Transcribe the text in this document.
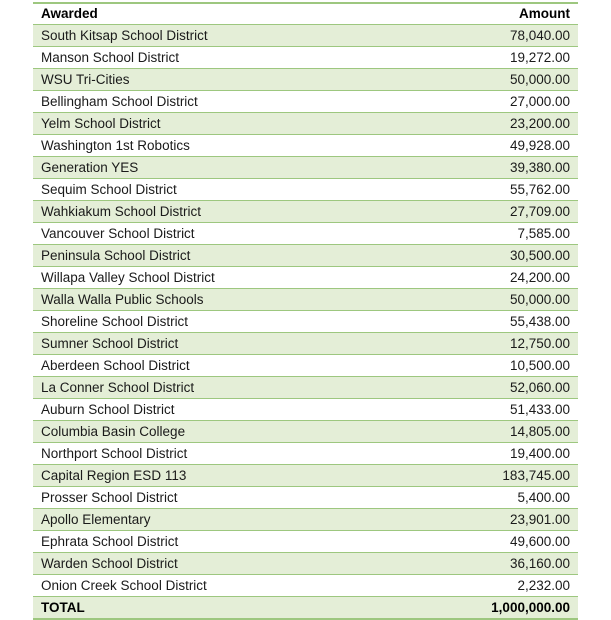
Awarded	Amount
South Kitsap School District	78,040.00
Manson School District	19,272.00
WSU Tri-Cities	50,000.00
Bellingham School District	27,000.00
Yelm School District	23,200.00
Washington 1st Robotics	49,928.00
Generation YES	39,380.00
Sequim School District	55,762.00
Wahkiakum School District	27,709.00
Vancouver School District	7,585.00
Peninsula School District	30,500.00
Willapa Valley School District	24,200.00
Walla Walla Public Schools	50,000.00
Shoreline School District	55,438.00
Sumner School District	12,750.00
Aberdeen School District	10,500.00
La Conner School District	52,060.00
Auburn School District	51,433.00
Columbia Basin College	14,805.00
Northport School District	19,400.00
Capital Region ESD 113	183,745.00
Prosser School District	5,400.00
Apollo Elementary	23,901.00
Ephrata School District	49,600.00
Warden School District	36,160.00
Onion Creek School District	2,232.00
TOTAL	1,000,000.00
